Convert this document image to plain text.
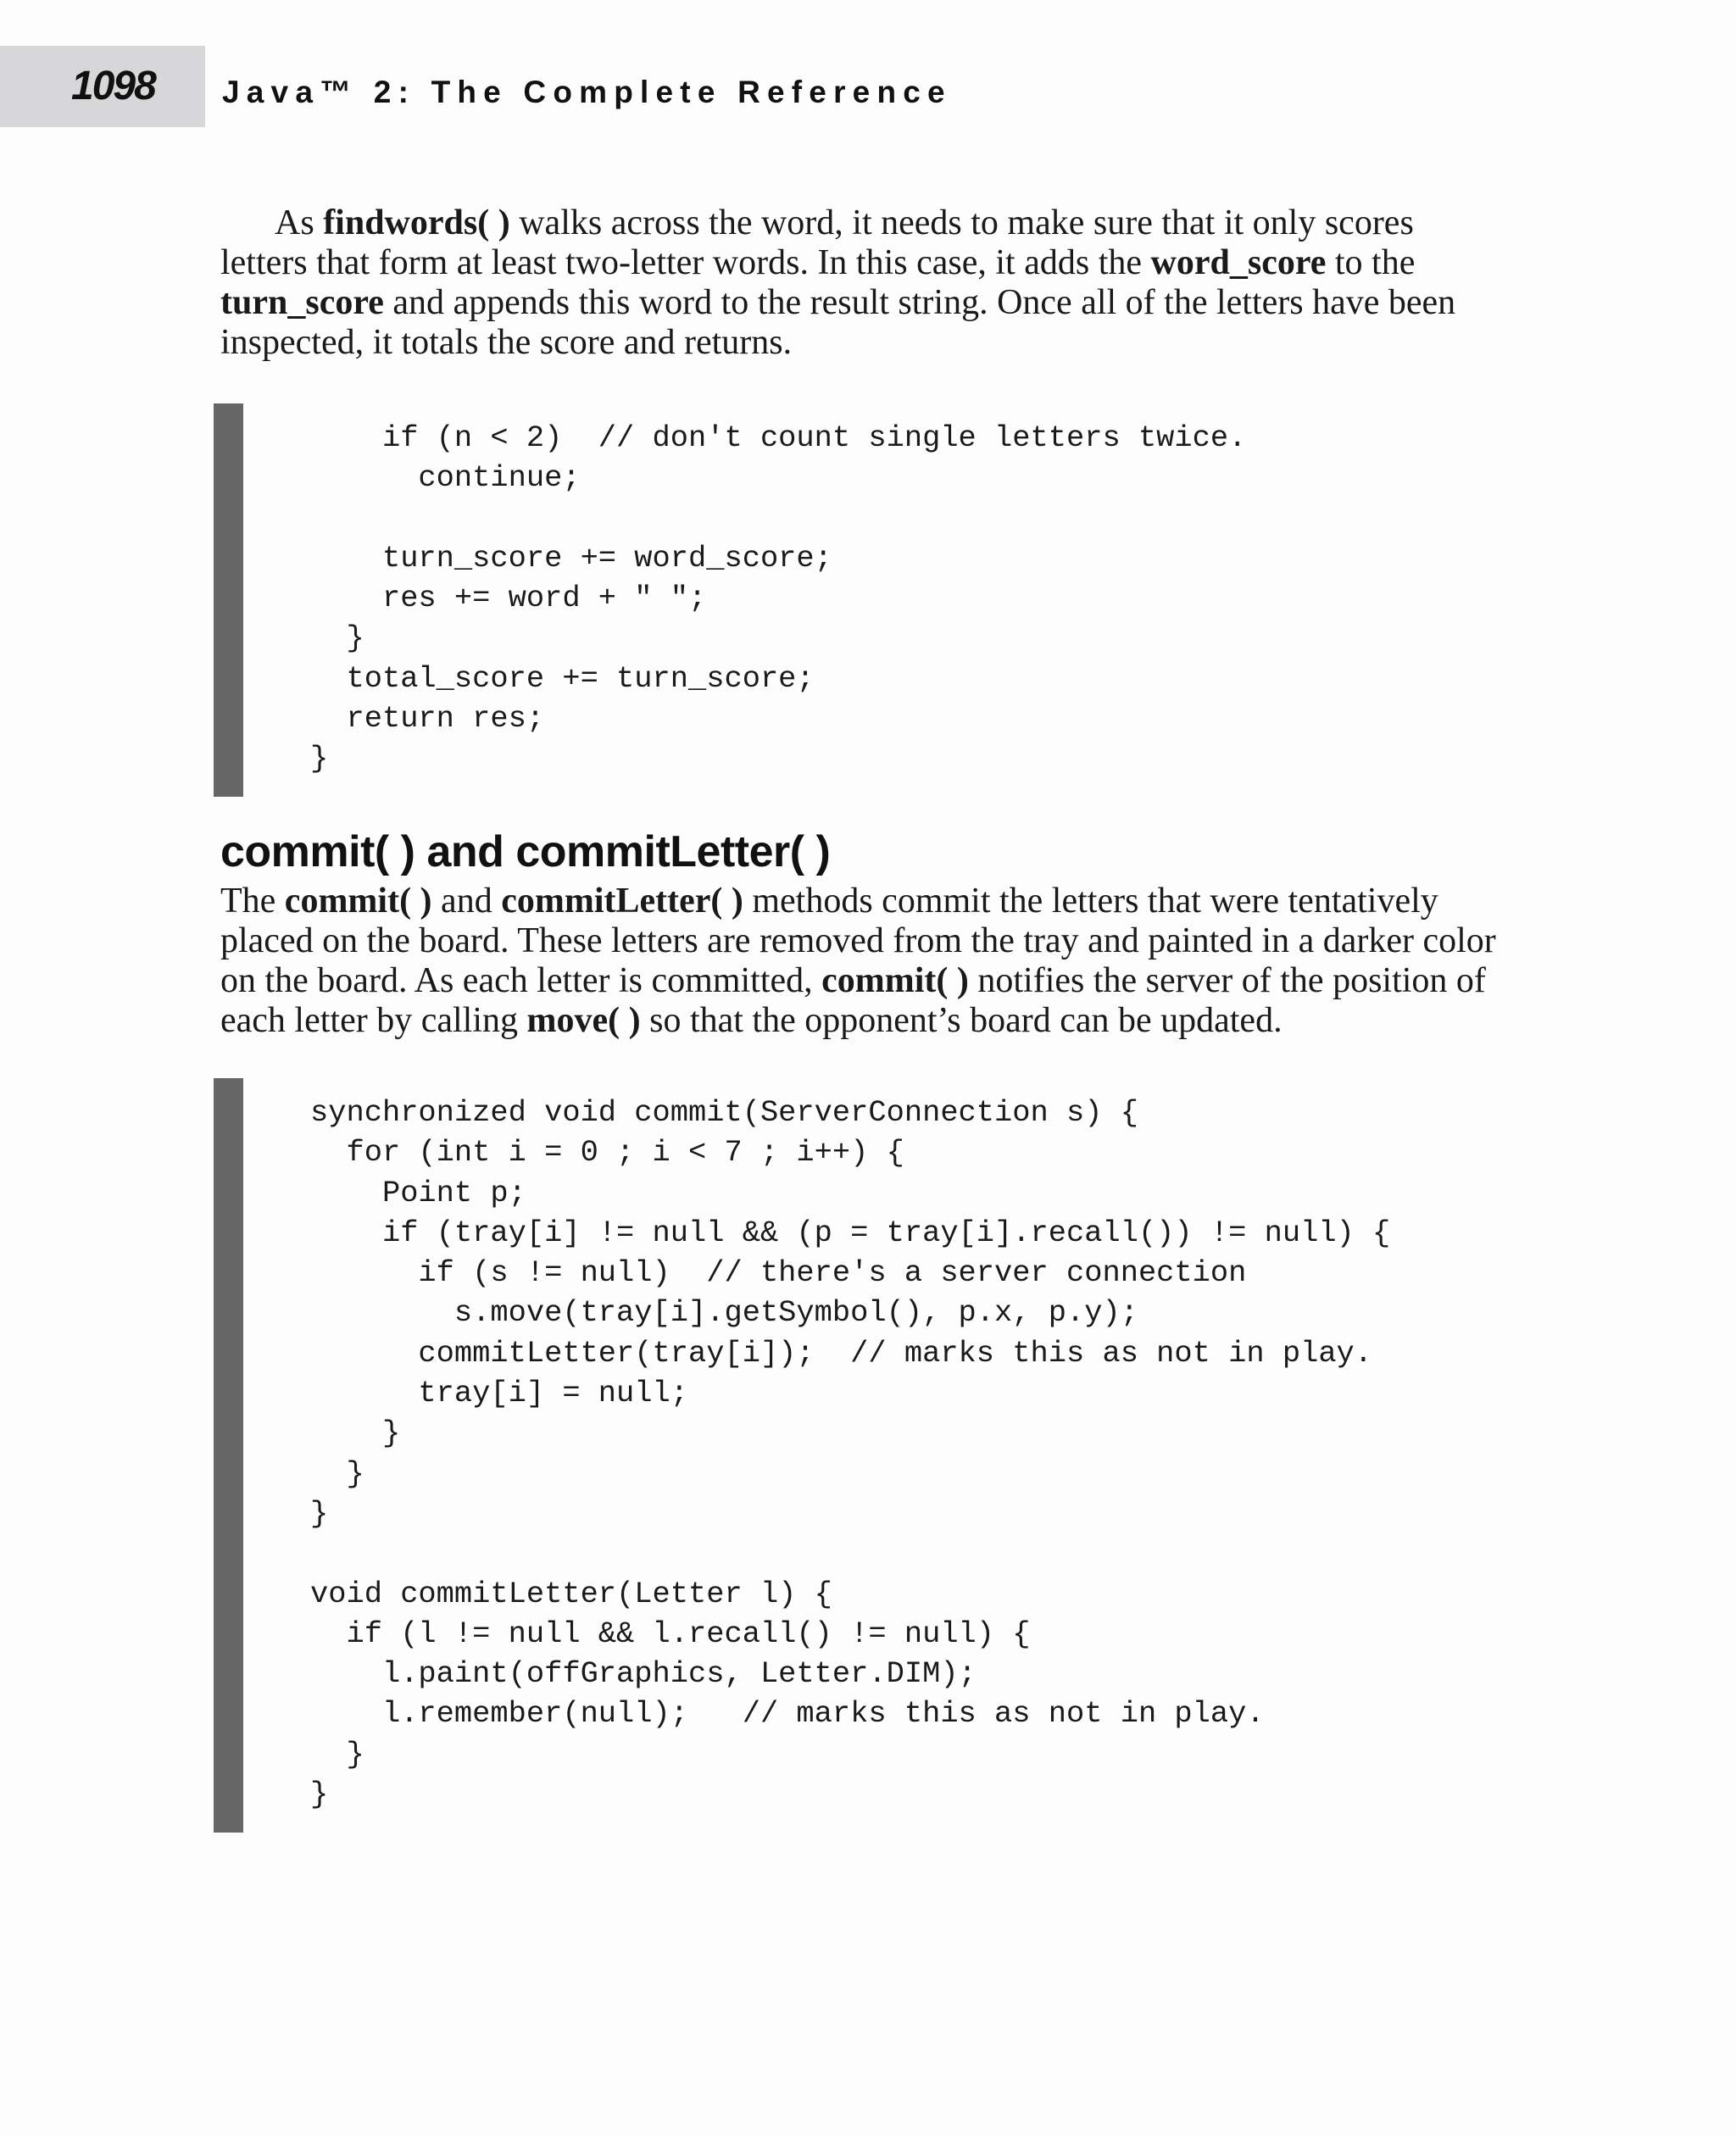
1098 Java™ 2: The Complete Reference

As findwords( ) walks across the word, it needs to make sure that it only scores letters that form at least two-letter words. In this case, it adds the word_score to the turn_score and appends this word to the result string. Once all of the letters have been inspected, it totals the score and returns.

if (n < 2)  // don't count single letters twice.
continue;

turn_score += word_score;
res += word + " ";
}
total_score += turn_score;
return res;
}
commit( ) and commitLetter( )

The commit( ) and commitLetter( ) methods commit the letters that were tentatively placed on the board. These letters are removed from the tray and painted in a darker color on the board. As each letter is committed, commit( ) notifies the server of the position of each letter by calling move( ) so that the opponent’s board can be updated.

synchronized void commit(ServerConnection s) {
for (int i = 0 ; i < 7 ; i++) {
Point p;
if (tray[i] != null && (p = tray[i].recall()) != null) {
if (s != null)  // there's a server connection
s.move(tray[i].getSymbol(), p.x, p.y);
commitLetter(tray[i]);  // marks this as not in play.
tray[i] = null;
}
}
}

void commitLetter(Letter l) {
if (l != null && l.recall() != null) {
l.paint(offGraphics, Letter.DIM);
l.remember(null);   // marks this as not in play.
}
}
